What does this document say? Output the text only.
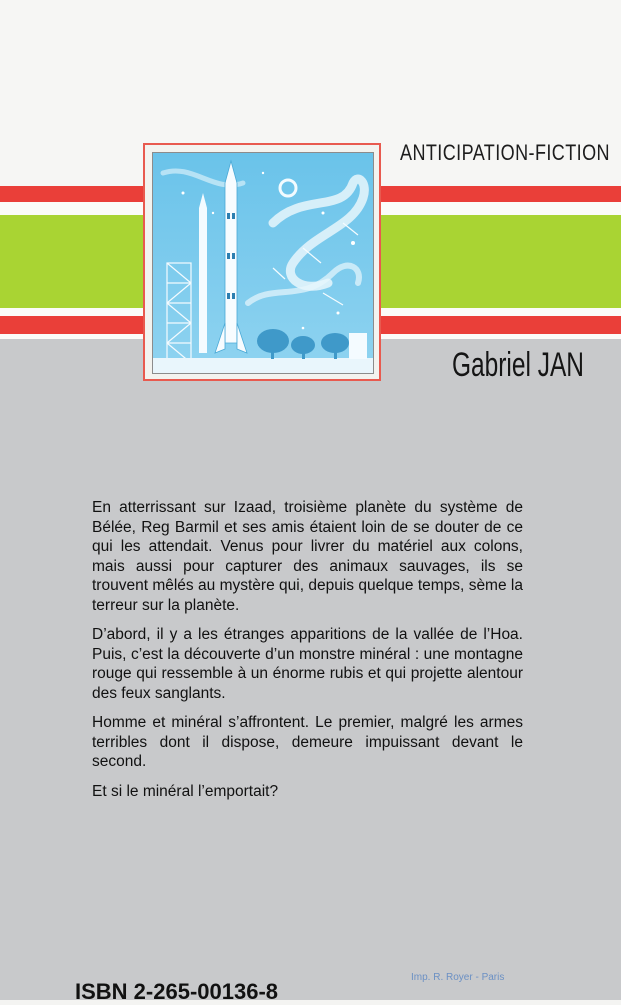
ANTICIPATION-FICTION
Gabriel JAN

En atterrissant sur Izaad, troisième planète du système de Bélée, Reg Barmil et ses amis étaient loin de se douter de ce qui les attendait. Venus pour livrer du matériel aux colons, mais aussi pour capturer des animaux sauvages, ils se trouvent mêlés au mystère qui, depuis quelque temps, sème la terreur sur la planète.

D’abord, il y a les étranges apparitions de la vallée de l’Hoa. Puis, c’est la découverte d’un monstre minéral : une montagne rouge qui ressemble à un énorme rubis et qui projette alentour des feux sanglants.

Homme et minéral s’affrontent. Le premier, malgré les armes terribles dont il dispose, demeure impuissant devant le second.

Et si le minéral l’emportait?

Imp. R. Royer - Paris
ISBN 2-265-00136-8
